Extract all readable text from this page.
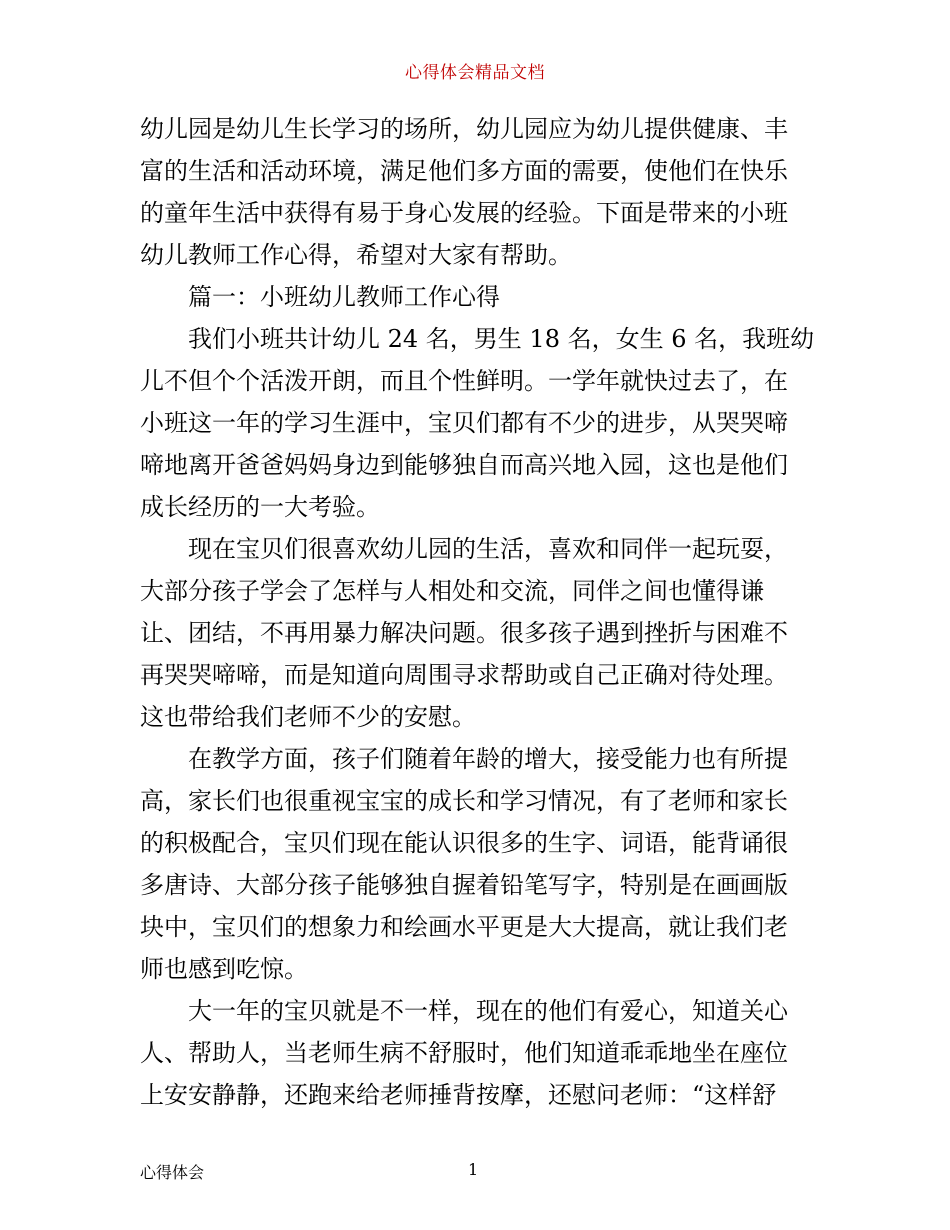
心得体会精品文档
幼儿园是幼儿生长学习的场所，幼儿园应为幼儿提供健康、丰
富的生活和活动环境，满足他们多方面的需要，使他们在快乐
的童年生活中获得有易于身心发展的经验。下面是带来的小班
幼儿教师工作心得，希望对大家有帮助。
篇一：小班幼儿教师工作心得
我们小班共计幼儿 24 名，男生 18 名，女生 6 名，我班幼
儿不但个个活泼开朗，而且个性鲜明。一学年就快过去了，在
小班这一年的学习生涯中，宝贝们都有不少的进步，从哭哭啼
啼地离开爸爸妈妈身边到能够独自而高兴地入园，这也是他们
成长经历的一大考验。
现在宝贝们很喜欢幼儿园的生活，喜欢和同伴一起玩耍，
大部分孩子学会了怎样与人相处和交流，同伴之间也懂得谦
让、团结，不再用暴力解决问题。很多孩子遇到挫折与困难不
再哭哭啼啼，而是知道向周围寻求帮助或自己正确对待处理。
这也带给我们老师不少的安慰。
在教学方面，孩子们随着年龄的增大，接受能力也有所提
高，家长们也很重视宝宝的成长和学习情况，有了老师和家长
的积极配合，宝贝们现在能认识很多的生字、词语，能背诵很
多唐诗、大部分孩子能够独自握着铅笔写字，特别是在画画版
块中，宝贝们的想象力和绘画水平更是大大提高，就让我们老
师也感到吃惊。
大一年的宝贝就是不一样，现在的他们有爱心，知道关心
人、帮助人，当老师生病不舒服时，他们知道乖乖地坐在座位
上安安静静，还跑来给老师捶背按摩，还慰问老师：“这样舒
心得体会	1
